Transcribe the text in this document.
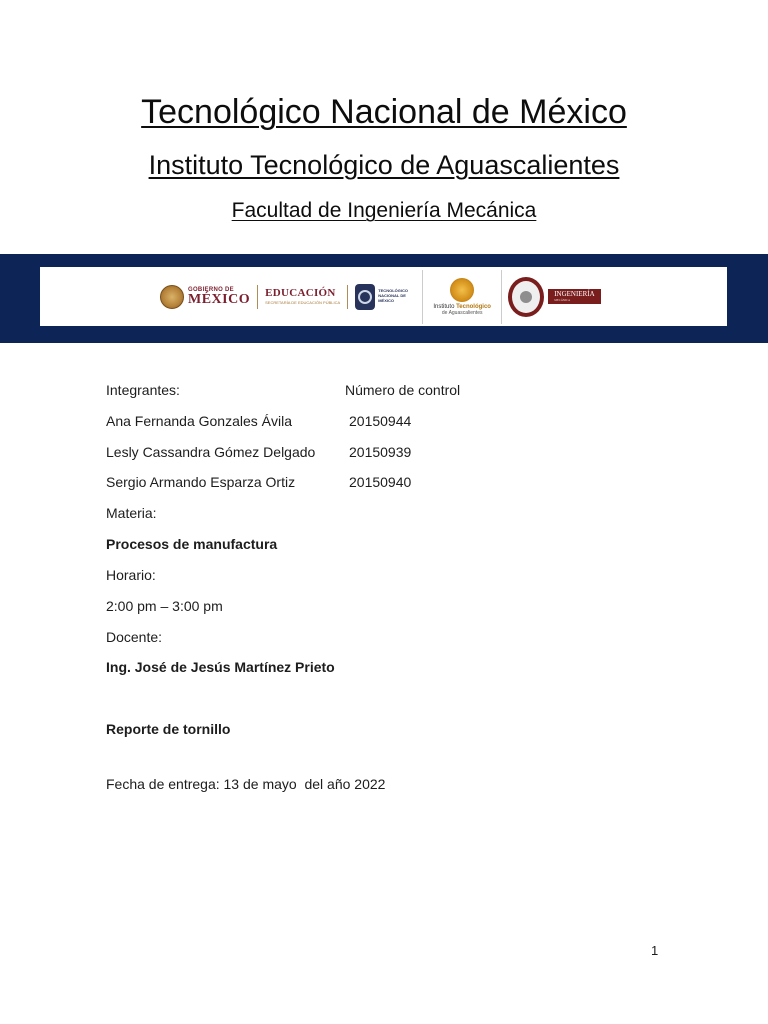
Tecnológico Nacional de México
Instituto Tecnológico de Aguascalientes
Facultad de Ingeniería Mecánica
GOBIERNO DE
MÉXICO EDUCACIÓN
SECRETARÍA DE EDUCACIÓN PÚBLICA
TECNOLÓGICO NACIONAL DE MÉXICO
Instituto Tecnológico
de Aguascalientes
INGENIERÍA
MECÁNICA
Integrantes:	Número de control
Ana Fernanda Gonzales Ávila	20150944
Lesly Cassandra Gómez Delgado 20150939
Sergio Armando Esparza Ortiz	20150940
Materia:
Procesos de manufactura
Horario:
2:00 pm – 3:00 pm
Docente:
Ing. José de Jesús Martínez Prieto
Reporte de tornillo
Fecha de entrega: 13 de mayo  del año 2022
1
